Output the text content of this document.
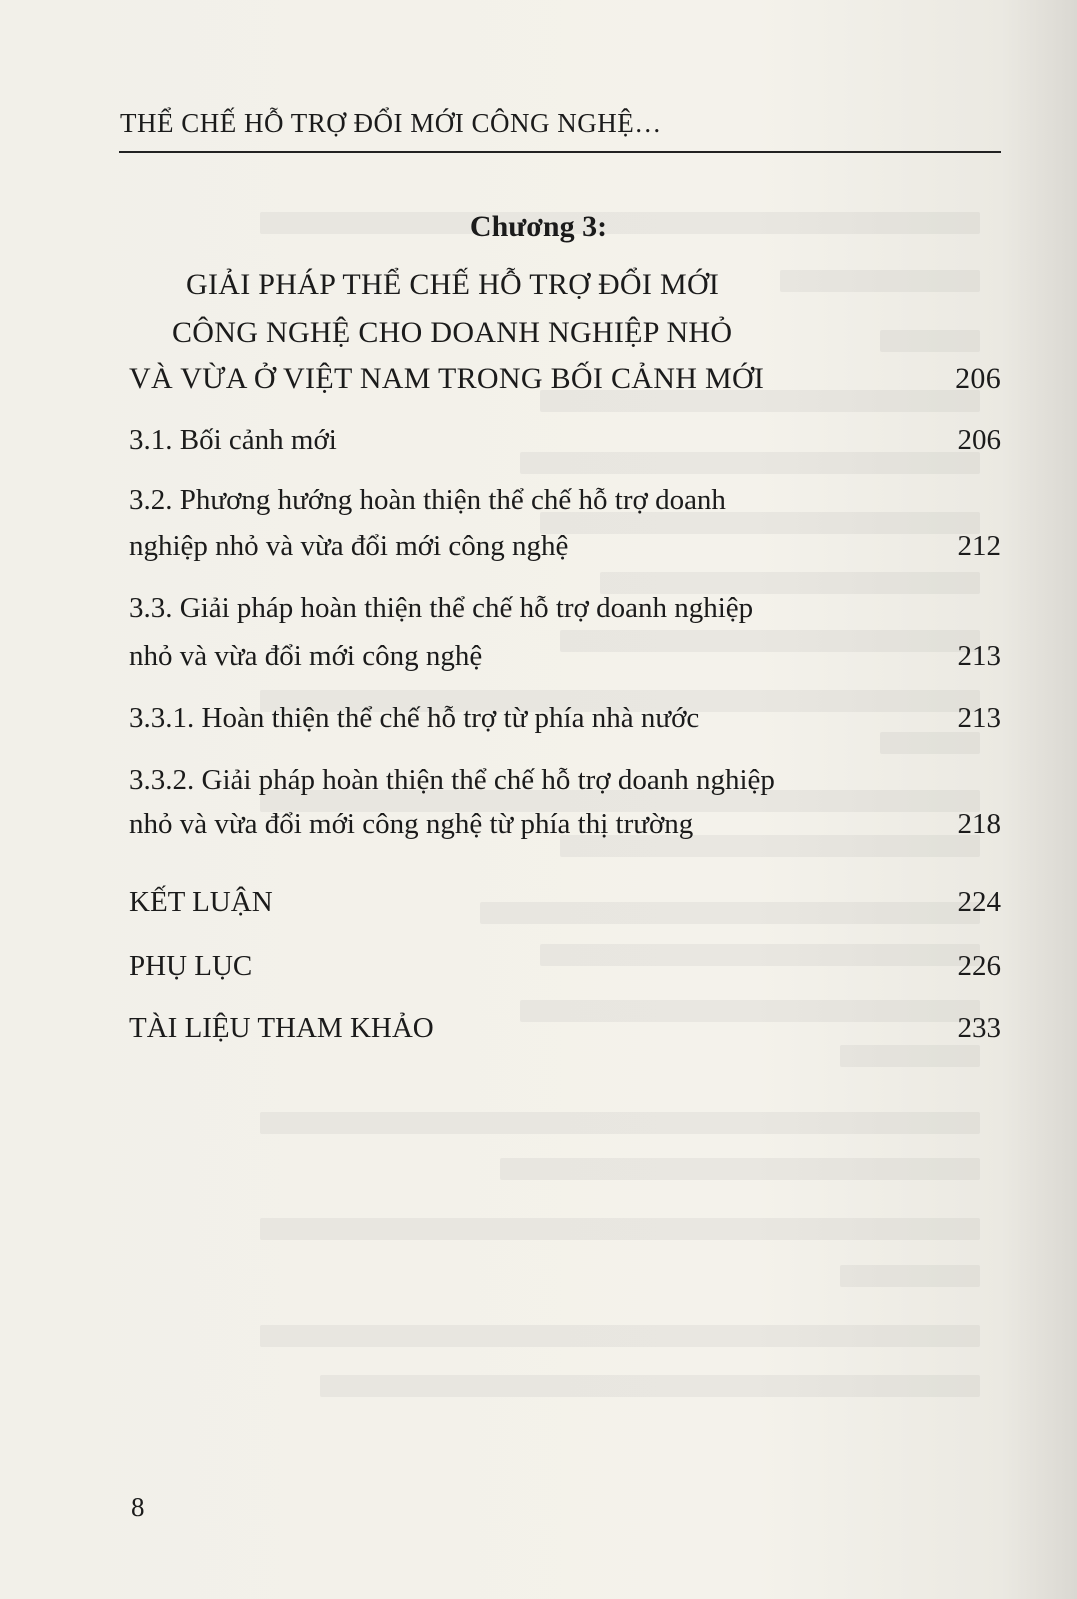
THỂ CHẾ HỖ TRỢ ĐỔI MỚI CÔNG NGHỆ…
Chương 3:
GIẢI PHÁP THỂ CHẾ HỖ TRỢ ĐỔI MỚI
CÔNG NGHỆ CHO DOANH NGHIỆP NHỎ
VÀ VỪA Ở VIỆT NAM TRONG BỐI CẢNH MỚI	206
3.1. Bối cảnh mới	206
3.2. Phương hướng hoàn thiện thể chế hỗ trợ doanh
nghiệp nhỏ và vừa đổi mới công nghệ	212
3.3. Giải pháp hoàn thiện thể chế hỗ trợ doanh nghiệp
nhỏ và vừa đổi mới công nghệ	213
3.3.1. Hoàn thiện thể chế hỗ trợ từ phía nhà nước	213
3.3.2. Giải pháp hoàn thiện thể chế hỗ trợ doanh nghiệp
nhỏ và vừa đổi mới công nghệ từ phía thị trường	218
KẾT LUẬN	224
PHỤ LỤC	226
TÀI LIỆU THAM KHẢO	233
8
